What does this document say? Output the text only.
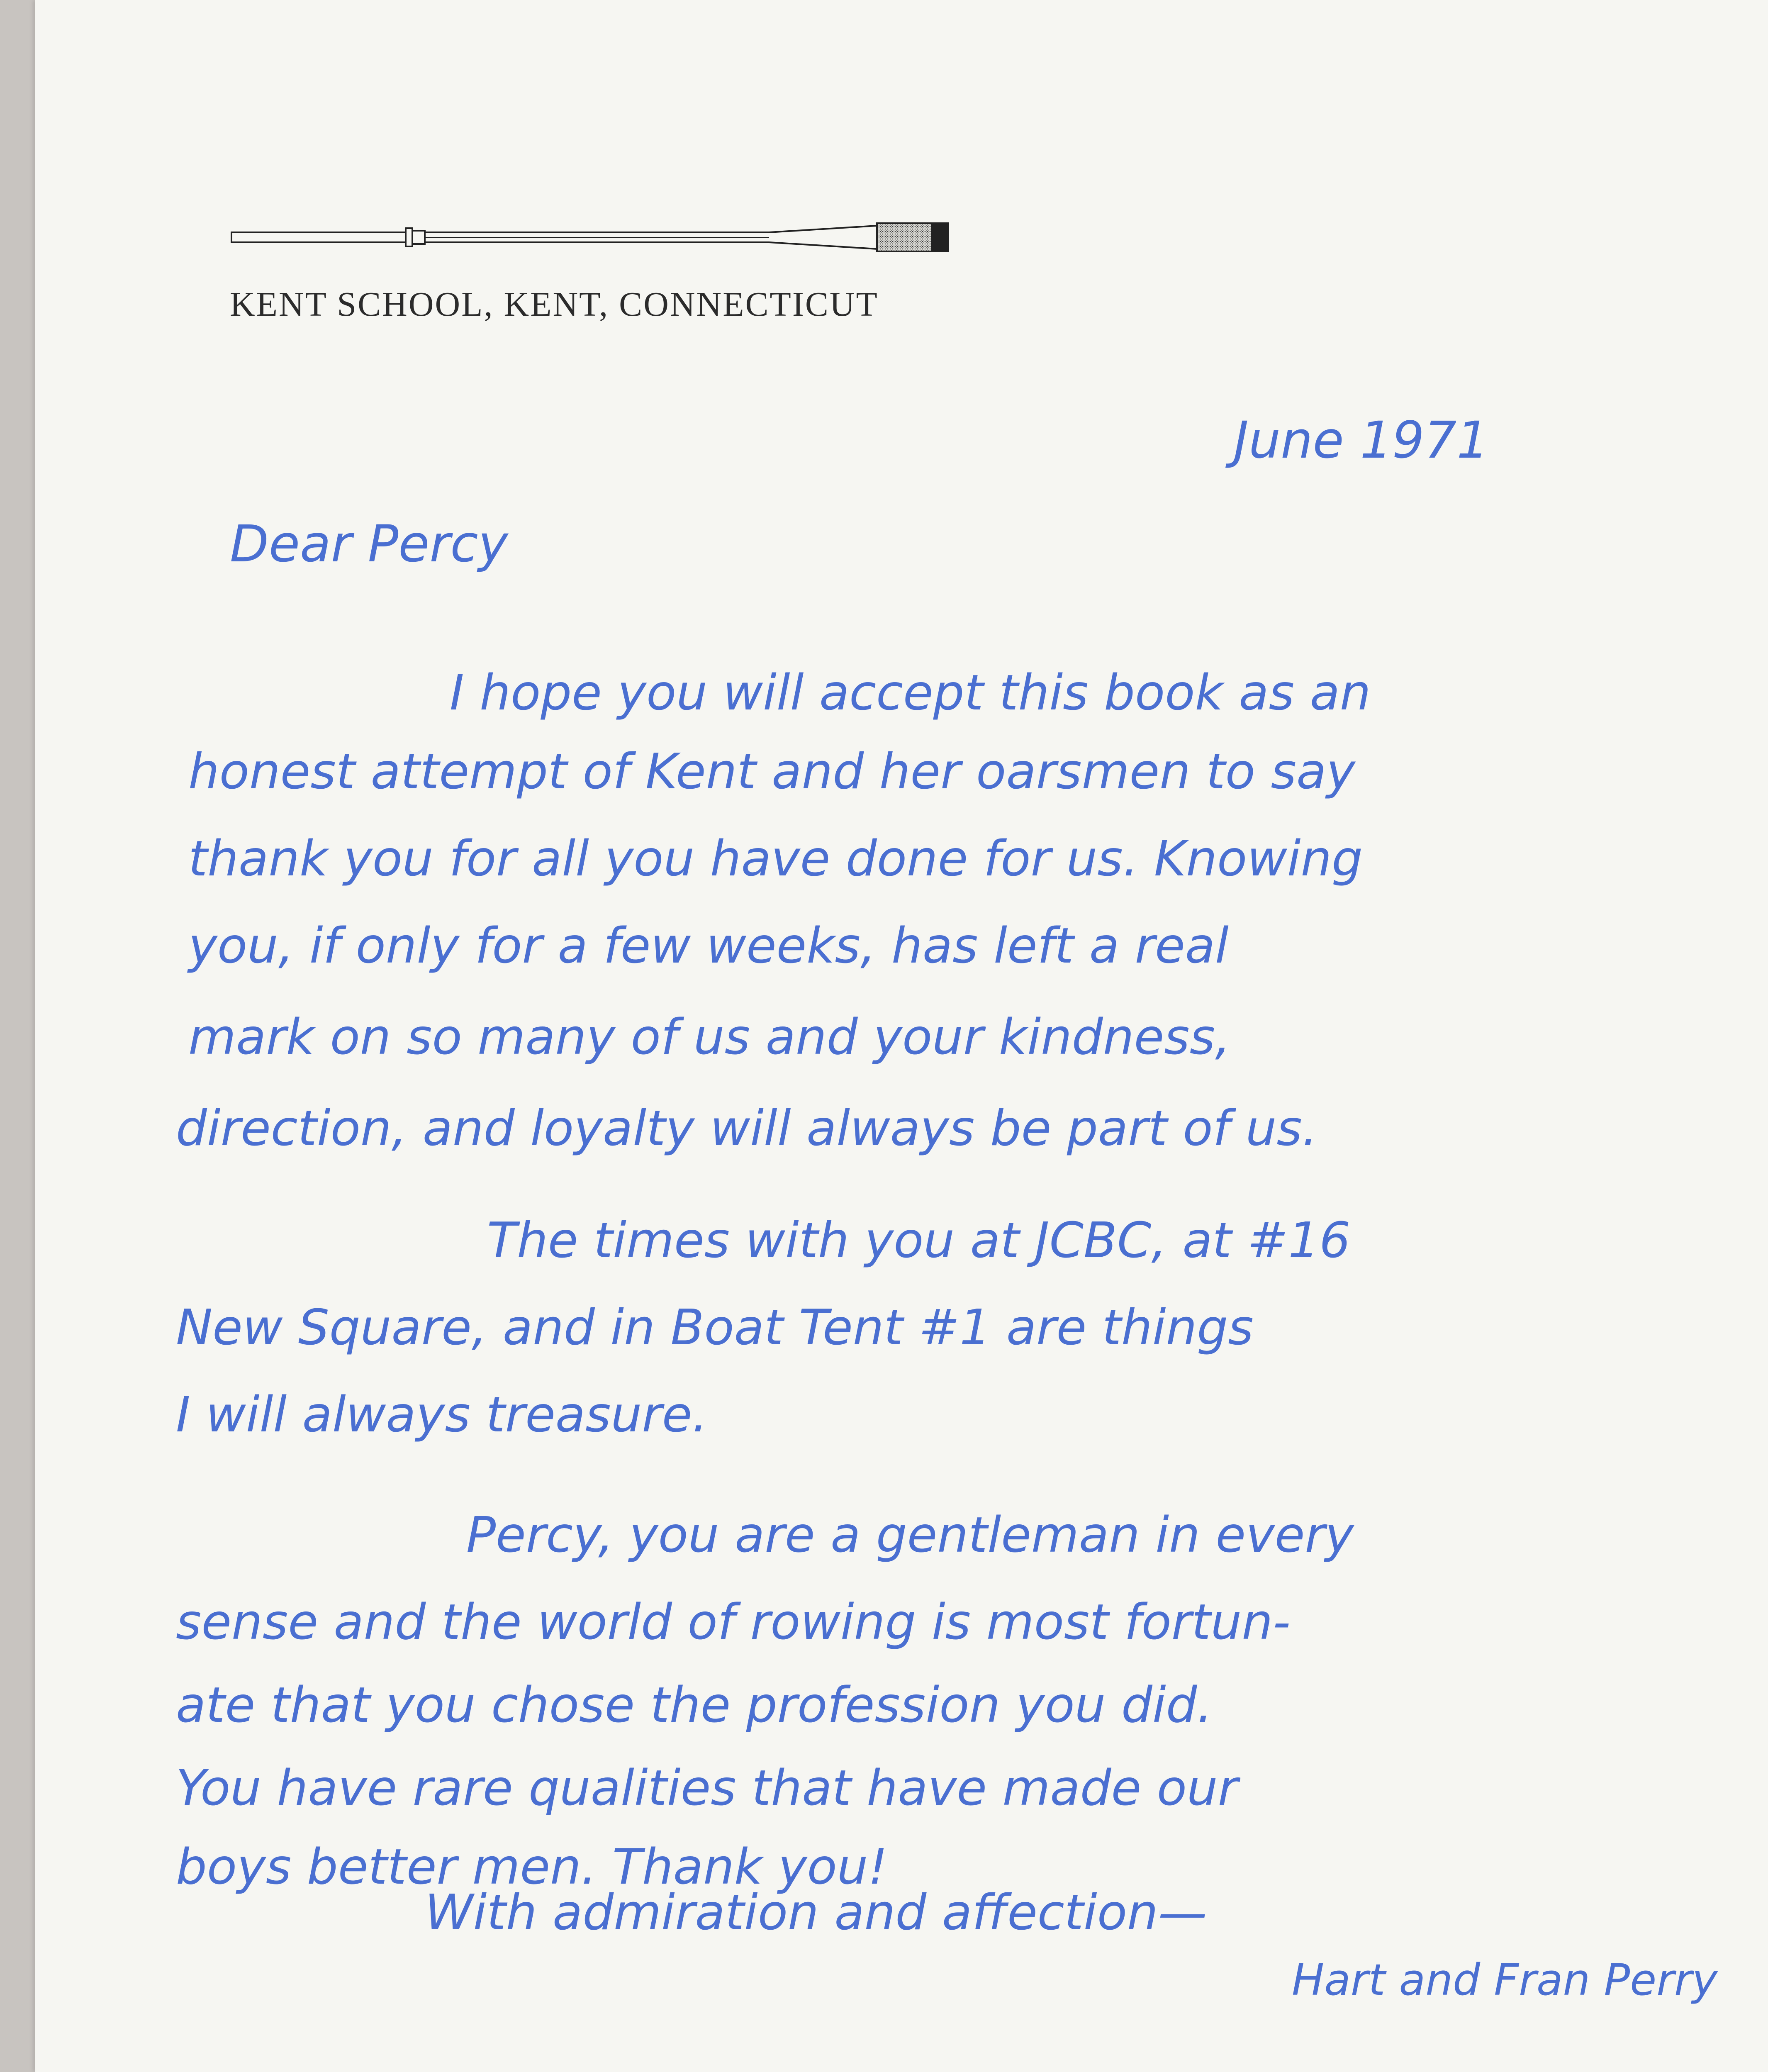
KENT SCHOOL, KENT, CONNECTICUT
June 1971
Dear Percy
I hope you will accept this book as an
honest attempt of Kent and her oarsmen to say
thank you for all you have done for us. Knowing
you, if only for a few weeks, has left a real
mark on so many of us and your kindness,
direction, and loyalty will always be part of us.
The times with you at JCBC, at #16
New Square, and in Boat Tent #1 are things
I will always treasure.
Percy, you are a gentleman in every
sense and the world of rowing is most fortun-
ate that you chose the profession you did.
You have rare qualities that have made our
boys better men. Thank you!
With admiration and affection—
Hart and Fran Perry
